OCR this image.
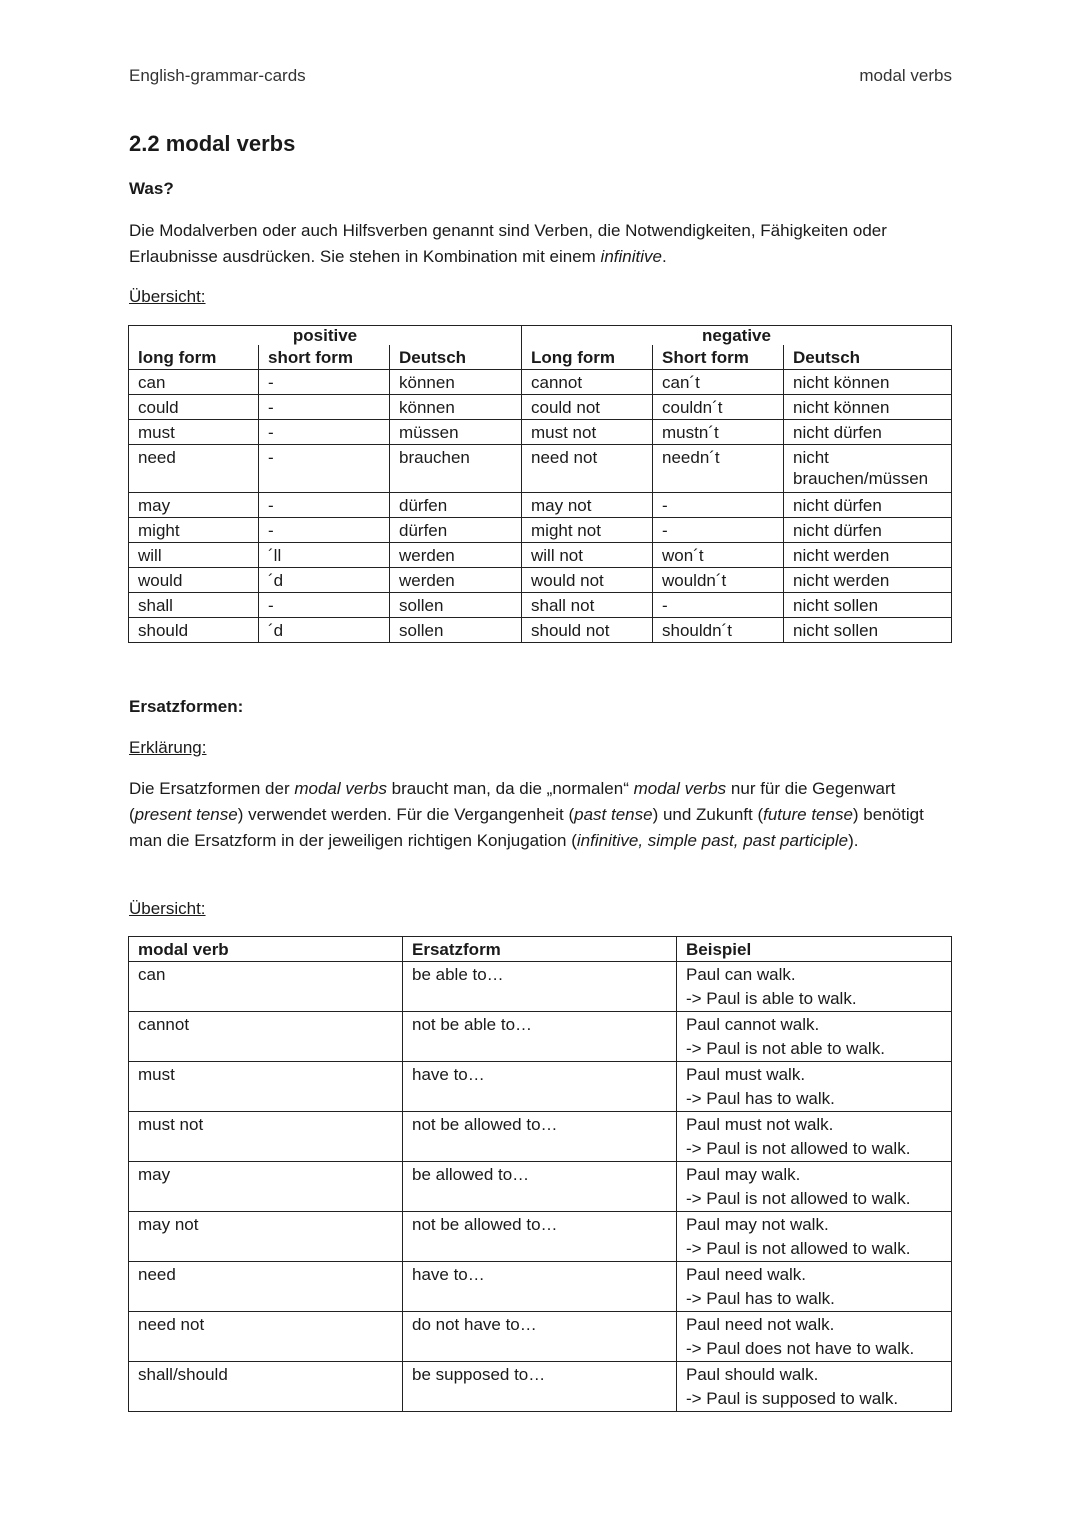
English-grammar-cards	modal verbs
2.2 modal verbs
Was?

Die Modalverben oder auch Hilfsverben genannt sind Verben, die Notwendigkeiten, Fähigkeiten oder Erlaubnisse ausdrücken. Sie stehen in Kombination mit einem infinitive.

Übersicht:

positive			negative		
long form	short form	Deutsch	Long form	Short form	Deutsch
can	-	können	cannot	can´t	nicht können
could	-	können	could not	couldn´t	nicht können
must	-	müssen	must not	mustn´t	nicht dürfen
need	-	brauchen	need not	needn´t	nicht brauchen/müssen
may	-	dürfen	may not	-	nicht dürfen
might	-	dürfen	might not	-	nicht dürfen
will	´ll	werden	will not	won´t	nicht werden
would	´d	werden	would not	wouldn´t	nicht werden
shall	-	sollen	shall not	-	nicht sollen
should	´d	sollen	should not	shouldn´t	nicht sollen
Ersatzformen:

Erklärung:

Die Ersatzformen der modal verbs braucht man, da die „normalen“ modal verbs nur für die Gegenwart (present tense) verwendet werden. Für die Vergangenheit (past tense) und Zukunft (future tense) benötigt man die Ersatzform in der jeweiligen richtigen Konjugation (infinitive, simple past, past participle).

Übersicht:

modal verb	Ersatzform	Beispiel
can	be able to…	Paul can walk.
-> Paul is able to walk.

cannot	not be able to…	Paul cannot walk.
-> Paul is not able to walk.

must	have to…	Paul must walk.
-> Paul has to walk.

must not	not be allowed to…	Paul must not walk.
-> Paul is not allowed to walk.

may	be allowed to…	Paul may walk.
-> Paul is not allowed to walk.

may not	not be allowed to…	Paul may not walk.
-> Paul is not allowed to walk.

need	have to…	Paul need walk.
-> Paul has to walk.

need not	do not have to…	Paul need not walk.
-> Paul does not have to walk.

shall/should	be supposed to…	Paul should walk.
-> Paul is supposed to walk.
